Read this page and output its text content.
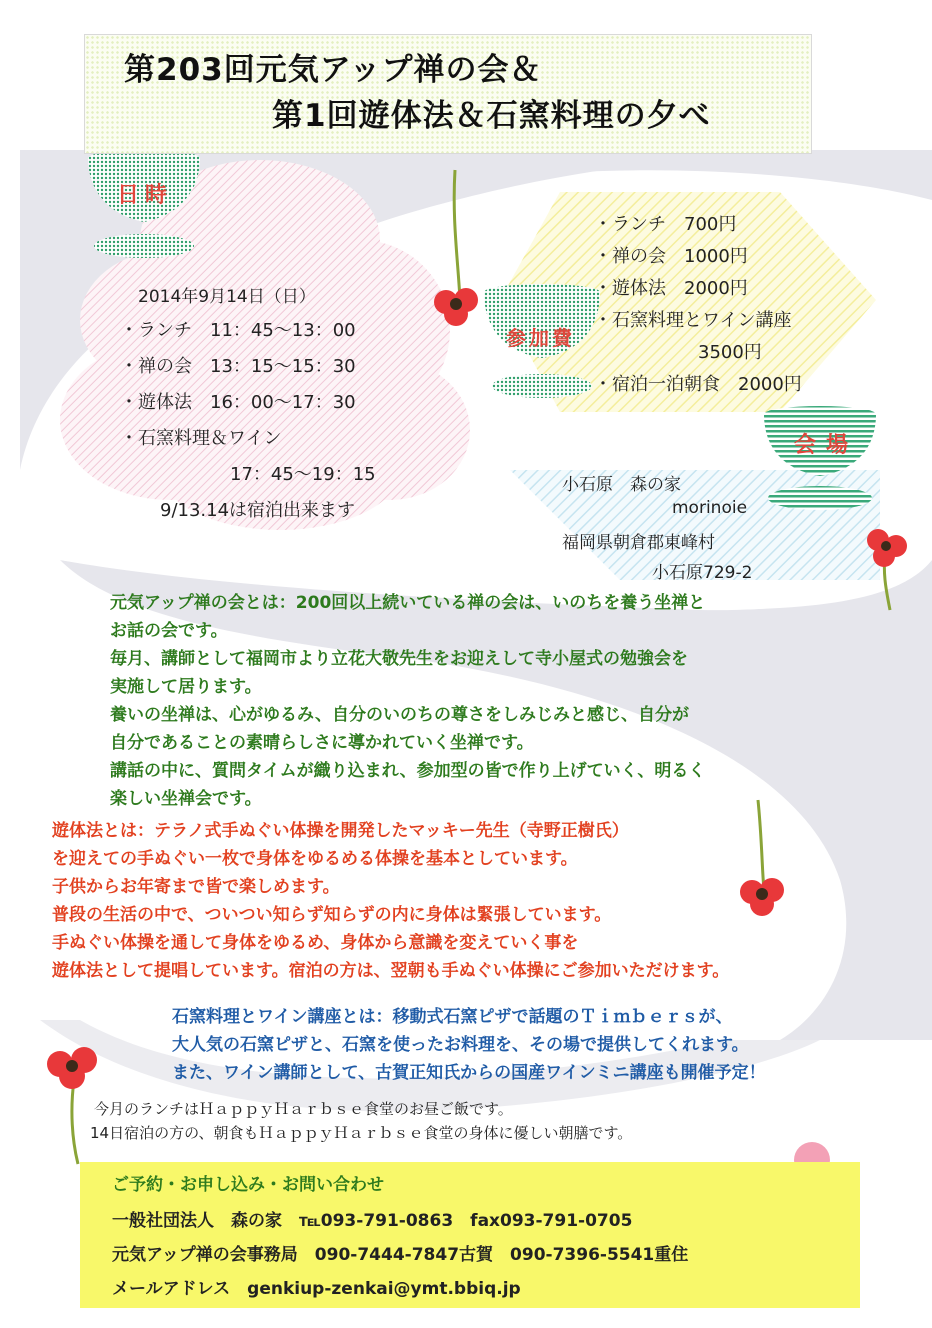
第203回元気アップ禅の会＆
第1回遊体法＆石窯料理の夕べ
日時
2014年9月14日（日）
・ランチ　11：45～13：00
・禅の会　13：15～15：30
・遊体法　16：00～17：30
・石窯料理＆ワイン
17：45～19：15
9/13.14は宿泊出来ます
・ランチ　700円
・禅の会　1000円
・遊体法　2000円
・石窯料理とワイン講座
3500円
・宿泊一泊朝食　2000円
参加費
会場
小石原　森の家
morinoie
福岡県朝倉郡東峰村
小石原729-2
元気アップ禅の会とは：200回以上続いている禅の会は、いのちを養う坐禅と
お話の会です。
毎月、講師として福岡市より立花大敬先生をお迎えして寺小屋式の勉強会を
実施して居ります。
養いの坐禅は、心がゆるみ、自分のいのちの尊さをしみじみと感じ、自分が
自分であることの素晴らしさに導かれていく坐禅です。
講話の中に、質問タイムが織り込まれ、参加型の皆で作り上げていく、明るく
楽しい坐禅会です。
遊体法とは：テラノ式手ぬぐい体操を開発したマッキー先生（寺野正樹氏）
を迎えての手ぬぐい一枚で身体をゆるめる体操を基本としています。
子供からお年寄まで皆で楽しめます。
普段の生活の中で、ついつい知らず知らずの内に身体は緊張しています。
手ぬぐい体操を通して身体をゆるめ、身体から意識を変えていく事を
遊体法として提唱しています。宿泊の方は、翌朝も手ぬぐい体操にご参加いただけます。
石窯料理とワイン講座とは：移動式石窯ピザで話題のＴｉｍｂｅｒｓが、
大人気の石窯ピザと、石窯を使ったお料理を、その場で提供してくれます。
また、ワイン講師として、古賀正知氏からの国産ワインミニ講座も開催予定！
今月のランチはＨａｐｐｙＨａｒｂｓｅ食堂のお昼ご飯です。
14日宿泊の方の、朝食もＨａｐｐｙＨａｒｂｓｅ食堂の身体に優しい朝膳です。
ご予約・お申し込み・お問い合わせ
一般社団法人　森の家　℡093-791-0863　fax093-791-0705
元気アップ禅の会事務局　090-7444-7847古賀　090-7396-5541重住
メールアドレス　genkiup-zenkai@ymt.bbiq.jp
